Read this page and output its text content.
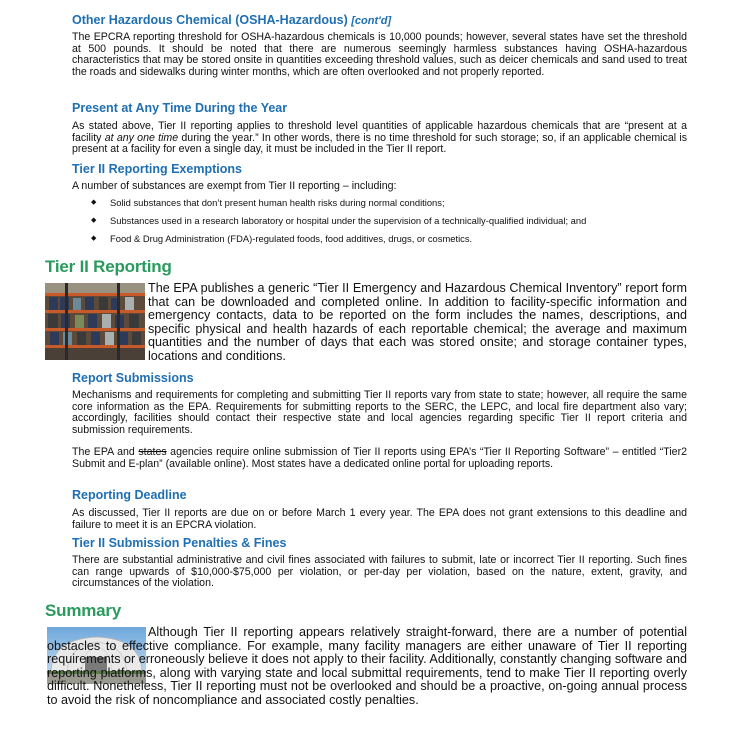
Other Hazardous Chemical (OSHA-Hazardous) [cont'd]

The EPCRA reporting threshold for OSHA-hazardous chemicals is 10,000 pounds; however, several states have set the threshold at 500 pounds. It should be noted that there are numerous seemingly harmless substances having OSHA-hazardous characteristics that may be stored onsite in quantities exceeding threshold values, such as deicer chemicals and sand used to treat the roads and sidewalks during winter months, which are often overlooked and not properly reported.

Present at Any Time During the Year

As stated above, Tier II reporting applies to threshold level quantities of applicable hazardous chemicals that are “present at a facility at any one time during the year.” In other words, there is no time threshold for such storage; so, if an applicable chemical is present at a facility for even a single day, it must be included in the Tier II report.

Tier II Reporting Exemptions

A number of substances are exempt from Tier II reporting – including:

◆ Solid substances that don’t present human health risks during normal conditions;
◆ Substances used in a research laboratory or hospital under the supervision of a technically-qualified individual; and
◆ Food & Drug Administration (FDA)-regulated foods, food additives, drugs, or cosmetics.
Tier II Reporting

The EPA publishes a generic “Tier II Emergency and Hazardous Chemical Inventory” report form that can be downloaded and completed online. In addition to facility-specific information and emergency contacts, data to be reported on the form includes the names, descriptions, and specific physical and health hazards of each reportable chemical; the average and maximum quantities and the number of days that each was stored onsite; and storage container types, locations and conditions.

Report Submissions

Mechanisms and requirements for completing and submitting Tier II reports vary from state to state; however, all require the same core information as the EPA. Requirements for submitting reports to the SERC, the LEPC, and local fire department also vary; accordingly, facilities should contact their respective state and local agencies regarding specific Tier II report criteria and submission requirements.

The EPA and states agencies require online submission of Tier II reports using EPA’s “Tier II Reporting Software” – entitled “Tier2 Submit and E-plan” (available online). Most states have a dedicated online portal for uploading reports.

Reporting Deadline

As discussed, Tier II reports are due on or before March 1 every year. The EPA does not grant extensions to this deadline and failure to meet it is an EPCRA violation.

Tier II Submission Penalties & Fines

There are substantial administrative and civil fines associated with failures to submit, late or incorrect Tier II reporting. Such fines can range upwards of $10,000-$75,000 per violation, or per-day per violation, based on the nature, extent, gravity, and circumstances of the violation.

Summary

Although Tier II reporting appears relatively straight-forward, there are a number of potential obstacles to effective compliance. For example, many facility managers are either unaware of Tier II reporting requirements or erroneously believe it does not apply to their facility. Additionally, constantly changing software and reporting platforms, along with varying state and local submittal requirements, tend to make Tier II reporting overly difficult. Nonetheless, Tier II reporting must not be overlooked and should be a proactive, on-going annual process to avoid the risk of noncompliance and associated costly penalties.
